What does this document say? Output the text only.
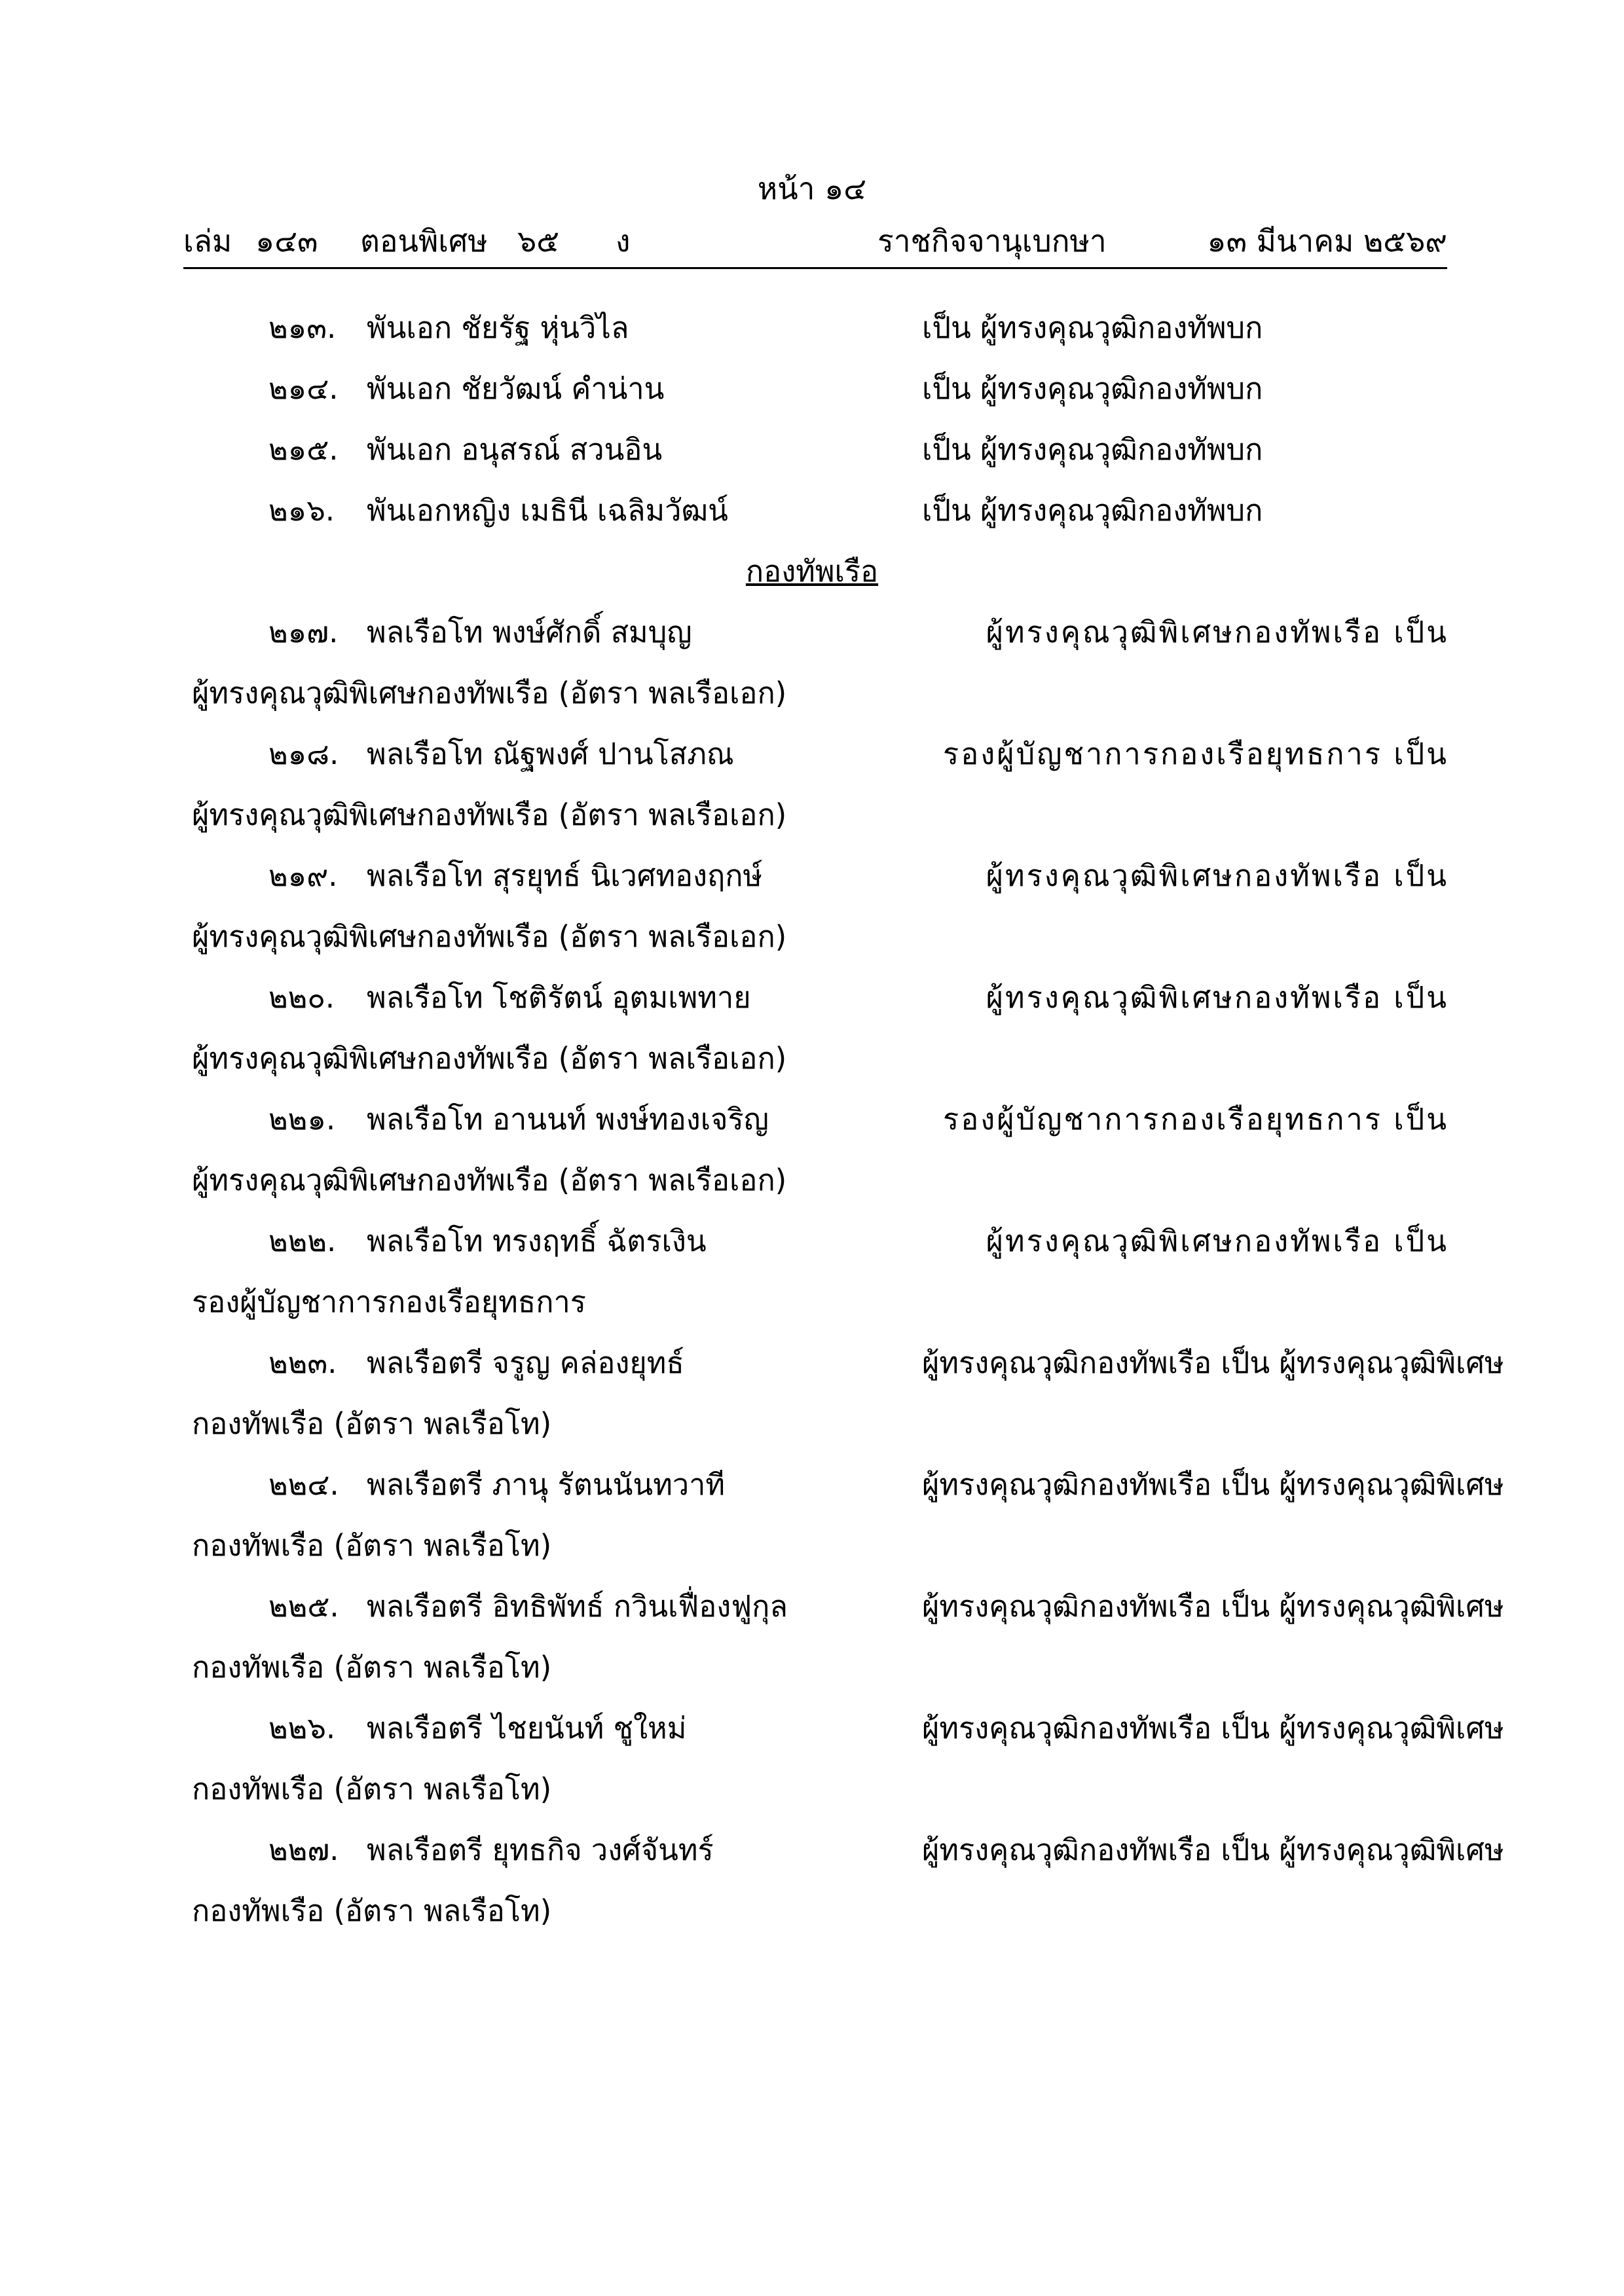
หน้า ๑๔
เล่ม ๑๔๓ ตอนพิเศษ ๖๕ ง	ราชกิจจานุเบกษา	๑๓ มีนาคม ๒๕๖๙
๒๑๓. พันเอก ชัยรัฐ หุ่นวิไล	เป็น ผู้ทรงคุณวุฒิกองทัพบก
๒๑๔. พันเอก ชัยวัฒน์ คำน่าน	เป็น ผู้ทรงคุณวุฒิกองทัพบก
๒๑๕. พันเอก อนุสรณ์ สวนอิน	เป็น ผู้ทรงคุณวุฒิกองทัพบก
๒๑๖. พันเอกหญิง เมธินี เฉลิมวัฒน์	เป็น ผู้ทรงคุณวุฒิกองทัพบก
กองทัพเรือ
๒๑๗. พลเรือโท พงษ์ศักดิ์ สมบุญ	ผู้ทรงคุณวุฒิพิเศษกองทัพเรือ เป็น
ผู้ทรงคุณวุฒิพิเศษกองทัพเรือ (อัตรา พลเรือเอก)
๒๑๘. พลเรือโท ณัฐพงศ์ ปานโสภณ	รองผู้บัญชาการกองเรือยุทธการ เป็น
ผู้ทรงคุณวุฒิพิเศษกองทัพเรือ (อัตรา พลเรือเอก)
๒๑๙. พลเรือโท สุรยุทธ์ นิเวศทองฤกษ์	ผู้ทรงคุณวุฒิพิเศษกองทัพเรือ เป็น
ผู้ทรงคุณวุฒิพิเศษกองทัพเรือ (อัตรา พลเรือเอก)
๒๒๐. พลเรือโท โชติรัตน์ อุตมเพทาย	ผู้ทรงคุณวุฒิพิเศษกองทัพเรือ เป็น
ผู้ทรงคุณวุฒิพิเศษกองทัพเรือ (อัตรา พลเรือเอก)
๒๒๑. พลเรือโท อานนท์ พงษ์ทองเจริญ	รองผู้บัญชาการกองเรือยุทธการ เป็น
ผู้ทรงคุณวุฒิพิเศษกองทัพเรือ (อัตรา พลเรือเอก)
๒๒๒. พลเรือโท ทรงฤทธิ์ ฉัตรเงิน	ผู้ทรงคุณวุฒิพิเศษกองทัพเรือ เป็น
รองผู้บัญชาการกองเรือยุทธการ
๒๒๓. พลเรือตรี จรูญ คล่องยุทธ์	ผู้ทรงคุณวุฒิกองทัพเรือ เป็น ผู้ทรงคุณวุฒิพิเศษ
กองทัพเรือ (อัตรา พลเรือโท)
๒๒๔. พลเรือตรี ภานุ รัตนนันทวาที	ผู้ทรงคุณวุฒิกองทัพเรือ เป็น ผู้ทรงคุณวุฒิพิเศษ
กองทัพเรือ (อัตรา พลเรือโท)
๒๒๕. พลเรือตรี อิทธิพัทธ์ กวินเฟื่องฟูกุล	ผู้ทรงคุณวุฒิกองทัพเรือ เป็น ผู้ทรงคุณวุฒิพิเศษ
กองทัพเรือ (อัตรา พลเรือโท)
๒๒๖. พลเรือตรี ไชยนันท์ ชูใหม่	ผู้ทรงคุณวุฒิกองทัพเรือ เป็น ผู้ทรงคุณวุฒิพิเศษ
กองทัพเรือ (อัตรา พลเรือโท)
๒๒๗. พลเรือตรี ยุทธกิจ วงศ์จันทร์	ผู้ทรงคุณวุฒิกองทัพเรือ เป็น ผู้ทรงคุณวุฒิพิเศษ
กองทัพเรือ (อัตรา พลเรือโท)
